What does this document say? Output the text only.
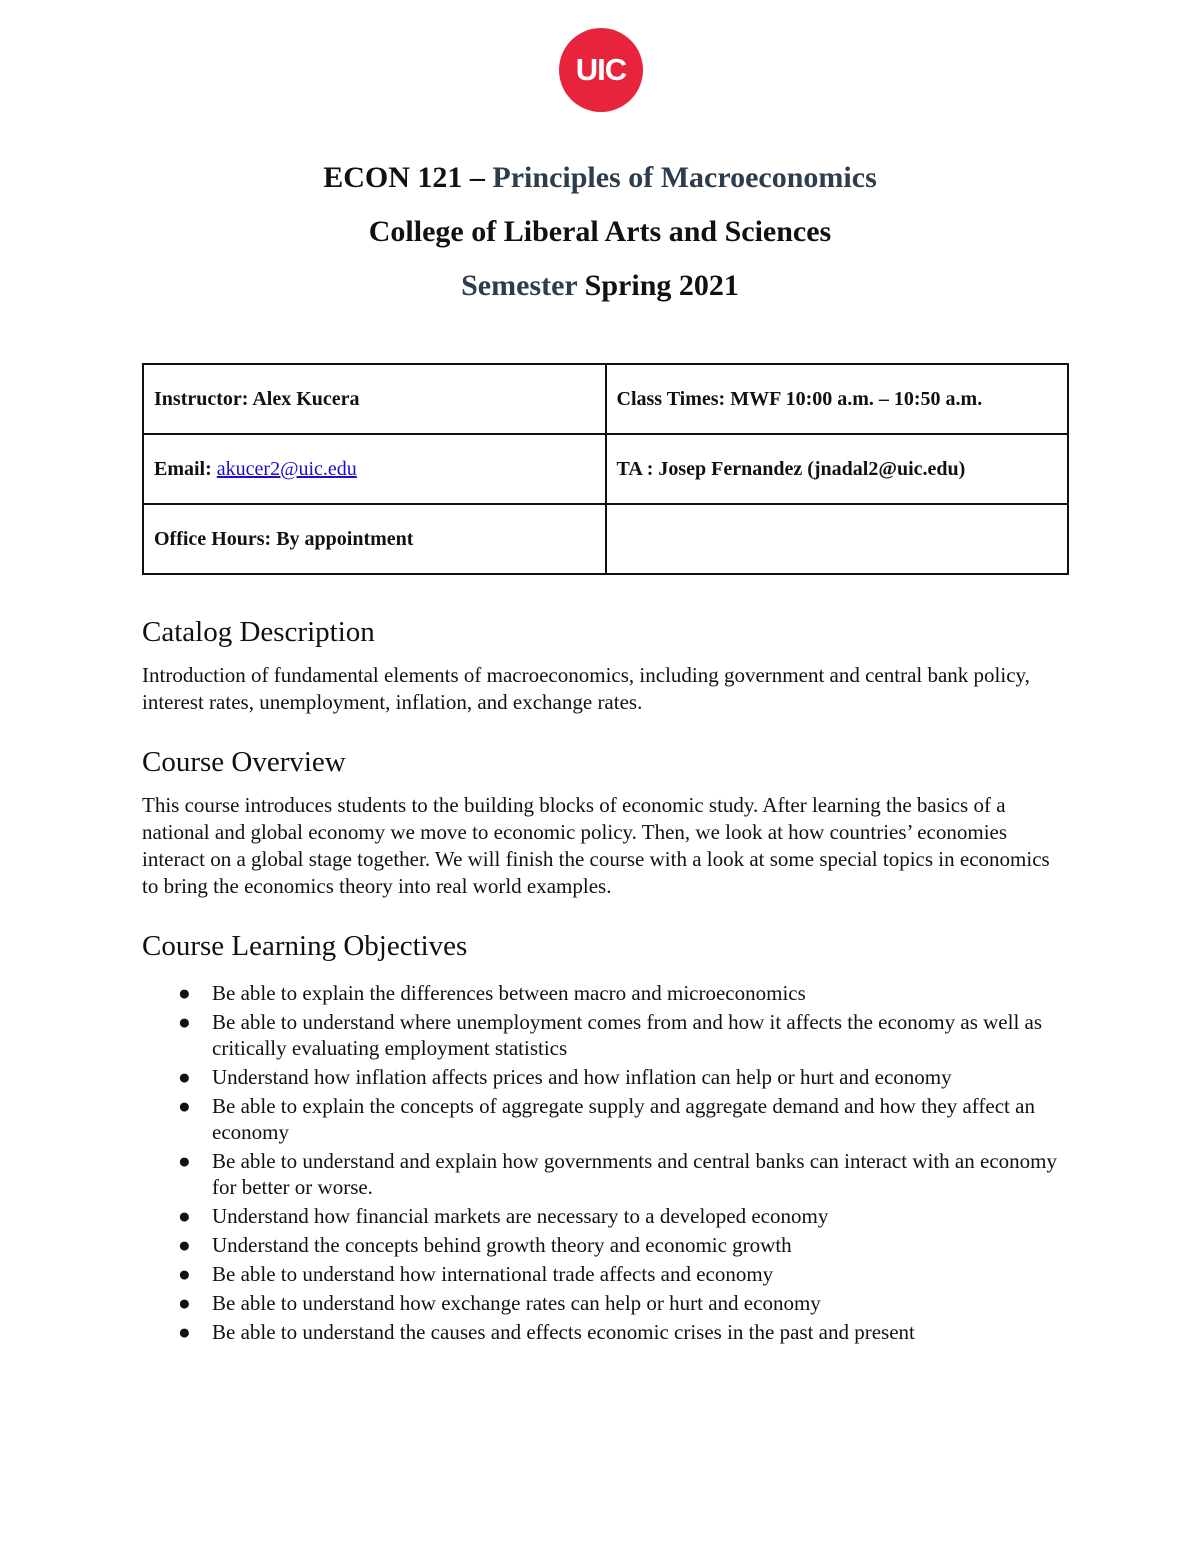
UIC
ECON 121 – Principles of Macroeconomics
College of Liberal Arts and Sciences
Semester Spring 2021
Instructor: Alex Kucera	Class Times: MWF 10:00 a.m. – 10:50 a.m.
Email: akucer2@uic.edu	TA : Josep Fernandez (jnadal2@uic.edu)
Office Hours: By appointment	
Catalog Description

Introduction of fundamental elements of macroeconomics, including government and central bank policy, interest rates, unemployment, inflation, and exchange rates.

Course Overview

This course introduces students to the building blocks of economic study. After learning the basics of a national and global economy we move to economic policy. Then, we look at how countries’ economies interact on a global stage together. We will finish the course with a look at some special topics in economics to bring the economics theory into real world examples.

Course Learning Objectives
● Be able to explain the differences between macro and microeconomics
● Be able to understand where unemployment comes from and how it affects the economy as well as critically evaluating employment statistics
● Understand how inflation affects prices and how inflation can help or hurt and economy
● Be able to explain the concepts of aggregate supply and aggregate demand and how they affect an economy
● Be able to understand and explain how governments and central banks can interact with an economy for better or worse.
● Understand how financial markets are necessary to a developed economy
● Understand the concepts behind growth theory and economic growth
● Be able to understand how international trade affects and economy
● Be able to understand how exchange rates can help or hurt and economy
● Be able to understand the causes and effects economic crises in the past and present
